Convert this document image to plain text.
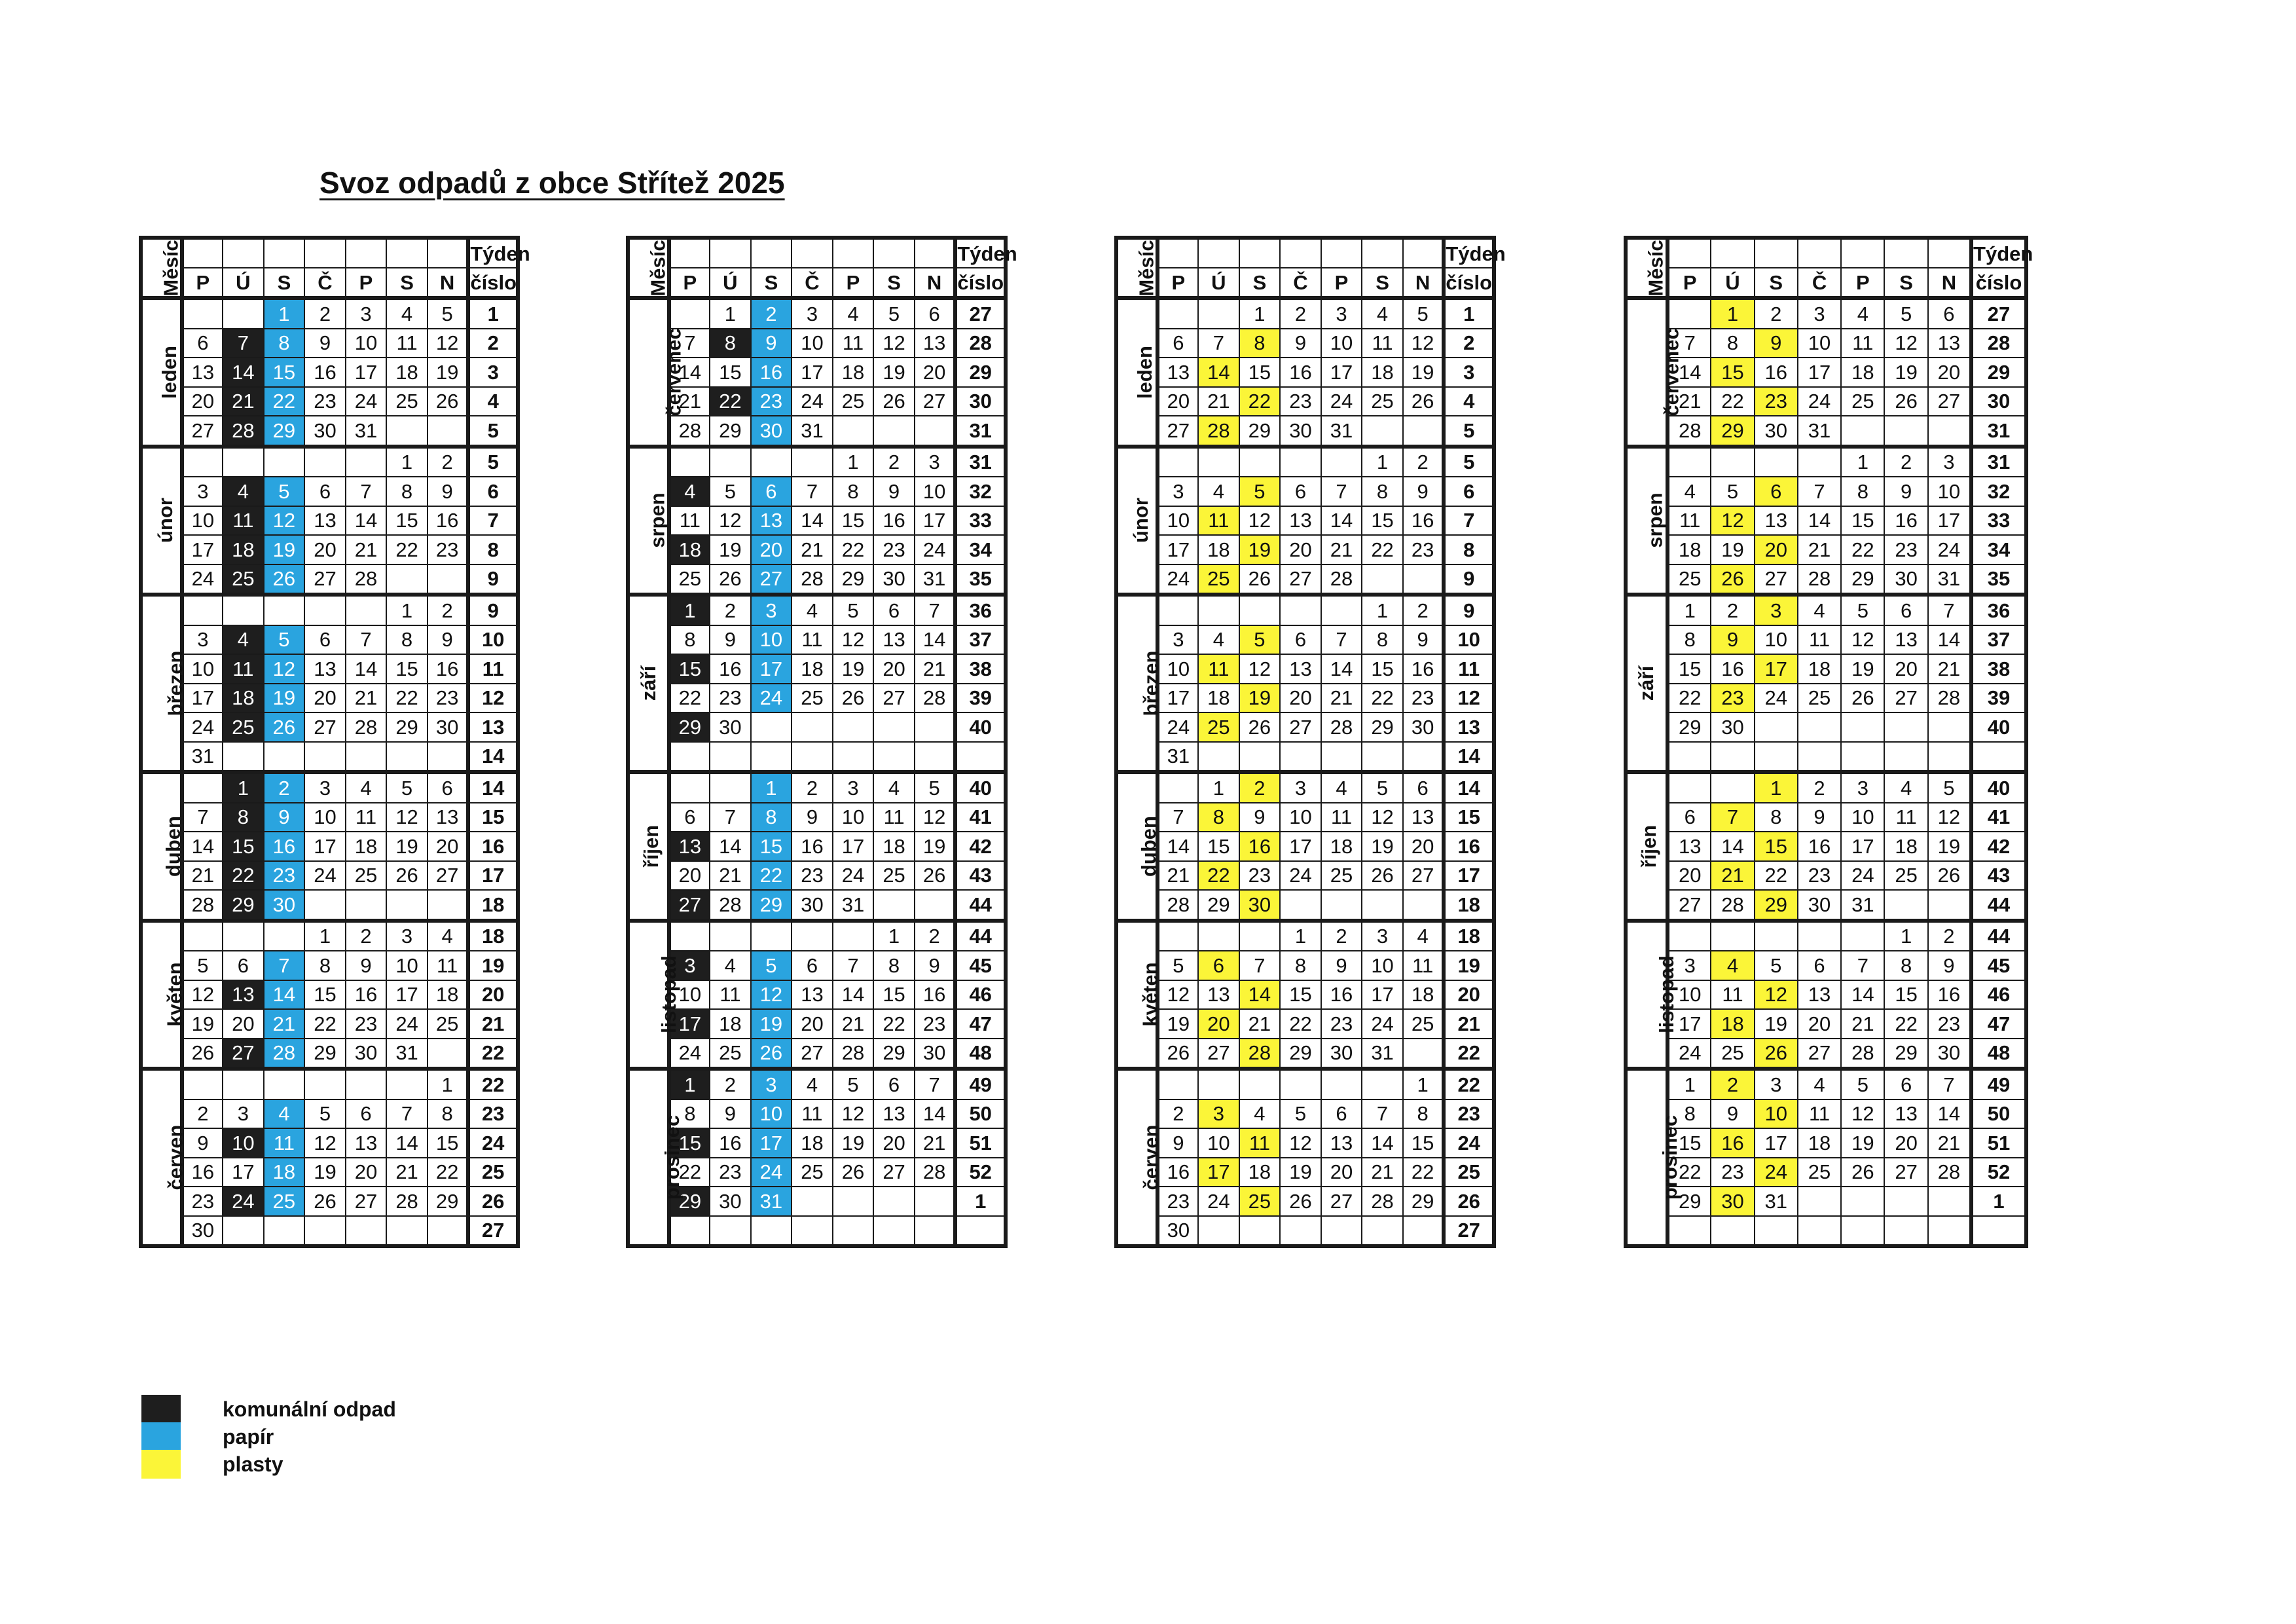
Svoz odpadů z obce Střítež 2025
Měsíc								Týden
	P	Ú	S	Č	P	S	N	číslo
leden			1	2	3	4	5	1
	6	7	8	9	10	11	12	2
	13	14	15	16	17	18	19	3
	20	21	22	23	24	25	26	4
	27	28	29	30	31			5
únor						1	2	5
	3	4	5	6	7	8	9	6
	10	11	12	13	14	15	16	7
	17	18	19	20	21	22	23	8
	24	25	26	27	28			9
březen						1	2	9
	3	4	5	6	7	8	9	10
	10	11	12	13	14	15	16	11
	17	18	19	20	21	22	23	12
	24	25	26	27	28	29	30	13
	31							14
duben		1	2	3	4	5	6	14
	7	8	9	10	11	12	13	15
	14	15	16	17	18	19	20	16
	21	22	23	24	25	26	27	17
	28	29	30					18
květen				1	2	3	4	18
	5	6	7	8	9	10	11	19
	12	13	14	15	16	17	18	20
	19	20	21	22	23	24	25	21
	26	27	28	29	30	31		22
červen							1	22
	2	3	4	5	6	7	8	23
	9	10	11	12	13	14	15	24
	16	17	18	19	20	21	22	25
	23	24	25	26	27	28	29	26
	30							27
Měsíc								Týden
	P	Ú	S	Č	P	S	N	číslo
červenec		1	2	3	4	5	6	27
	7	8	9	10	11	12	13	28
	14	15	16	17	18	19	20	29
	21	22	23	24	25	26	27	30
	28	29	30	31				31
srpen					1	2	3	31
	4	5	6	7	8	9	10	32
	11	12	13	14	15	16	17	33
	18	19	20	21	22	23	24	34
	25	26	27	28	29	30	31	35
září	1	2	3	4	5	6	7	36
	8	9	10	11	12	13	14	37
	15	16	17	18	19	20	21	38
	22	23	24	25	26	27	28	39
	29	30						40

říjen			1	2	3	4	5	40
	6	7	8	9	10	11	12	41
	13	14	15	16	17	18	19	42
	20	21	22	23	24	25	26	43
	27	28	29	30	31			44
listopad						1	2	44
	3	4	5	6	7	8	9	45
	10	11	12	13	14	15	16	46
	17	18	19	20	21	22	23	47
	24	25	26	27	28	29	30	48
prosinec	1	2	3	4	5	6	7	49
	8	9	10	11	12	13	14	50
	15	16	17	18	19	20	21	51
	22	23	24	25	26	27	28	52
	29	30	31					1

Měsíc								Týden
	P	Ú	S	Č	P	S	N	číslo
leden			1	2	3	4	5	1
	6	7	8	9	10	11	12	2
	13	14	15	16	17	18	19	3
	20	21	22	23	24	25	26	4
	27	28	29	30	31			5
únor						1	2	5
	3	4	5	6	7	8	9	6
	10	11	12	13	14	15	16	7
	17	18	19	20	21	22	23	8
	24	25	26	27	28			9
březen						1	2	9
	3	4	5	6	7	8	9	10
	10	11	12	13	14	15	16	11
	17	18	19	20	21	22	23	12
	24	25	26	27	28	29	30	13
	31							14
duben		1	2	3	4	5	6	14
	7	8	9	10	11	12	13	15
	14	15	16	17	18	19	20	16
	21	22	23	24	25	26	27	17
	28	29	30					18
květen				1	2	3	4	18
	5	6	7	8	9	10	11	19
	12	13	14	15	16	17	18	20
	19	20	21	22	23	24	25	21
	26	27	28	29	30	31		22
červen							1	22
	2	3	4	5	6	7	8	23
	9	10	11	12	13	14	15	24
	16	17	18	19	20	21	22	25
	23	24	25	26	27	28	29	26
	30							27
Měsíc								Týden
	P	Ú	S	Č	P	S	N	číslo
červenec		1	2	3	4	5	6	27
	7	8	9	10	11	12	13	28
	14	15	16	17	18	19	20	29
	21	22	23	24	25	26	27	30
	28	29	30	31				31
srpen					1	2	3	31
	4	5	6	7	8	9	10	32
	11	12	13	14	15	16	17	33
	18	19	20	21	22	23	24	34
	25	26	27	28	29	30	31	35
září	1	2	3	4	5	6	7	36
	8	9	10	11	12	13	14	37
	15	16	17	18	19	20	21	38
	22	23	24	25	26	27	28	39
	29	30						40

říjen			1	2	3	4	5	40
	6	7	8	9	10	11	12	41
	13	14	15	16	17	18	19	42
	20	21	22	23	24	25	26	43
	27	28	29	30	31			44
listopad						1	2	44
	3	4	5	6	7	8	9	45
	10	11	12	13	14	15	16	46
	17	18	19	20	21	22	23	47
	24	25	26	27	28	29	30	48
prosinec	1	2	3	4	5	6	7	49
	8	9	10	11	12	13	14	50
	15	16	17	18	19	20	21	51
	22	23	24	25	26	27	28	52
	29	30	31					1

komunální odpad
papír
plasty
